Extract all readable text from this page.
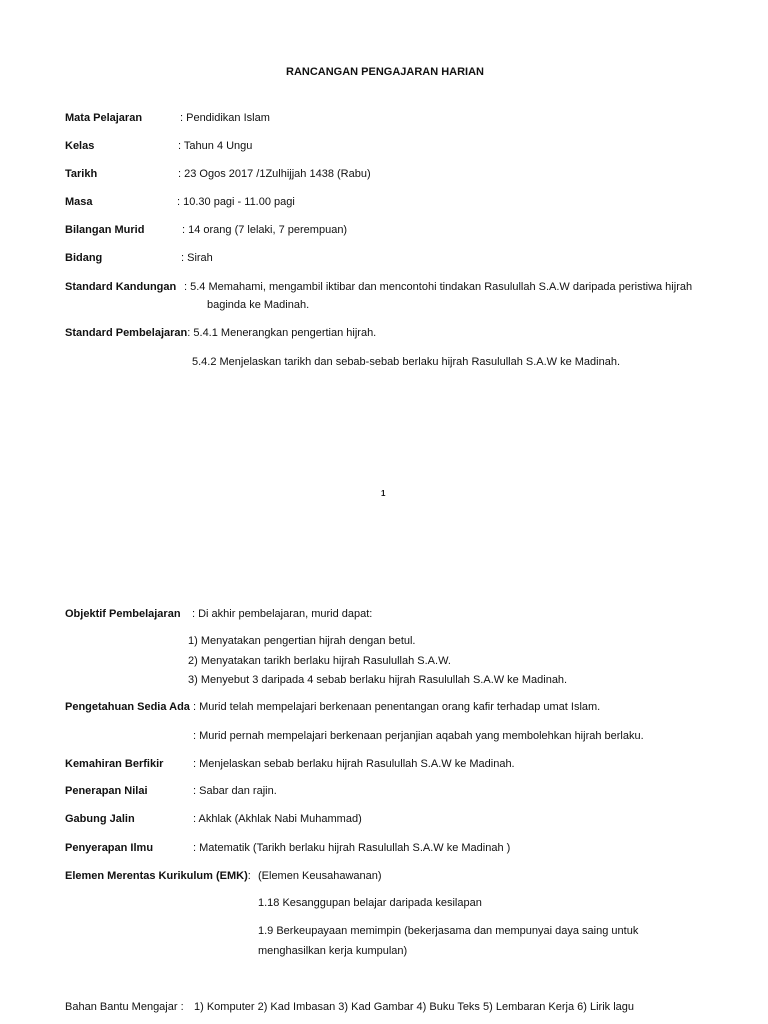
RANCANGAN PENGAJARAN HARIAN
Mata Pelajaran	: Pendidikan Islam
Kelas	: Tahun 4 Ungu
Tarikh	: 23 Ogos 2017 /1Zulhijjah 1438 (Rabu)
Masa	: 10.30 pagi - 11.00 pagi
Bilangan Murid	: 14 orang (7 lelaki, 7 perempuan)
Bidang	: Sirah
Standard Kandungan : 5.4 Memahami, mengambil iktibar dan mencontohi tindakan Rasulullah S.A.W daripada peristiwa hijrah
baginda ke Madinah.
Standard Pembelajaran: 5.4.1 Menerangkan pengertian hijrah.
5.4.2 Menjelaskan tarikh dan sebab-sebab berlaku hijrah Rasulullah S.A.W ke Madinah.
1
Objektif Pembelajaran : Di akhir pembelajaran, murid dapat:
1) Menyatakan pengertian hijrah dengan betul.
2) Menyatakan tarikh berlaku hijrah Rasulullah S.A.W.
3) Menyebut 3 daripada 4 sebab berlaku hijrah Rasulullah S.A.W ke Madinah.
Pengetahuan Sedia Ada : Murid telah mempelajari berkenaan penentangan orang kafir terhadap umat Islam.
: Murid pernah mempelajari berkenaan perjanjian aqabah yang membolehkan hijrah berlaku.
Kemahiran Berfikir	: Menjelaskan sebab berlaku hijrah Rasulullah S.A.W ke Madinah.
Penerapan Nilai	: Sabar dan rajin.
Gabung Jalin	: Akhlak (Akhlak Nabi Muhammad)
Penyerapan Ilmu	: Matematik (Tarikh berlaku hijrah Rasulullah S.A.W ke Madinah )
Elemen Merentas Kurikulum (EMK): (Elemen Keusahawanan)
1.18 Kesanggupan belajar daripada kesilapan
1.9 Berkeupayaan memimpin (bekerjasama dan mempunyai daya saing untuk
menghasilkan kerja kumpulan)
Bahan Bantu Mengajar : 1) Komputer 2) Kad Imbasan 3) Kad Gambar 4) Buku Teks 5) Lembaran Kerja 6) Lirik lagu
